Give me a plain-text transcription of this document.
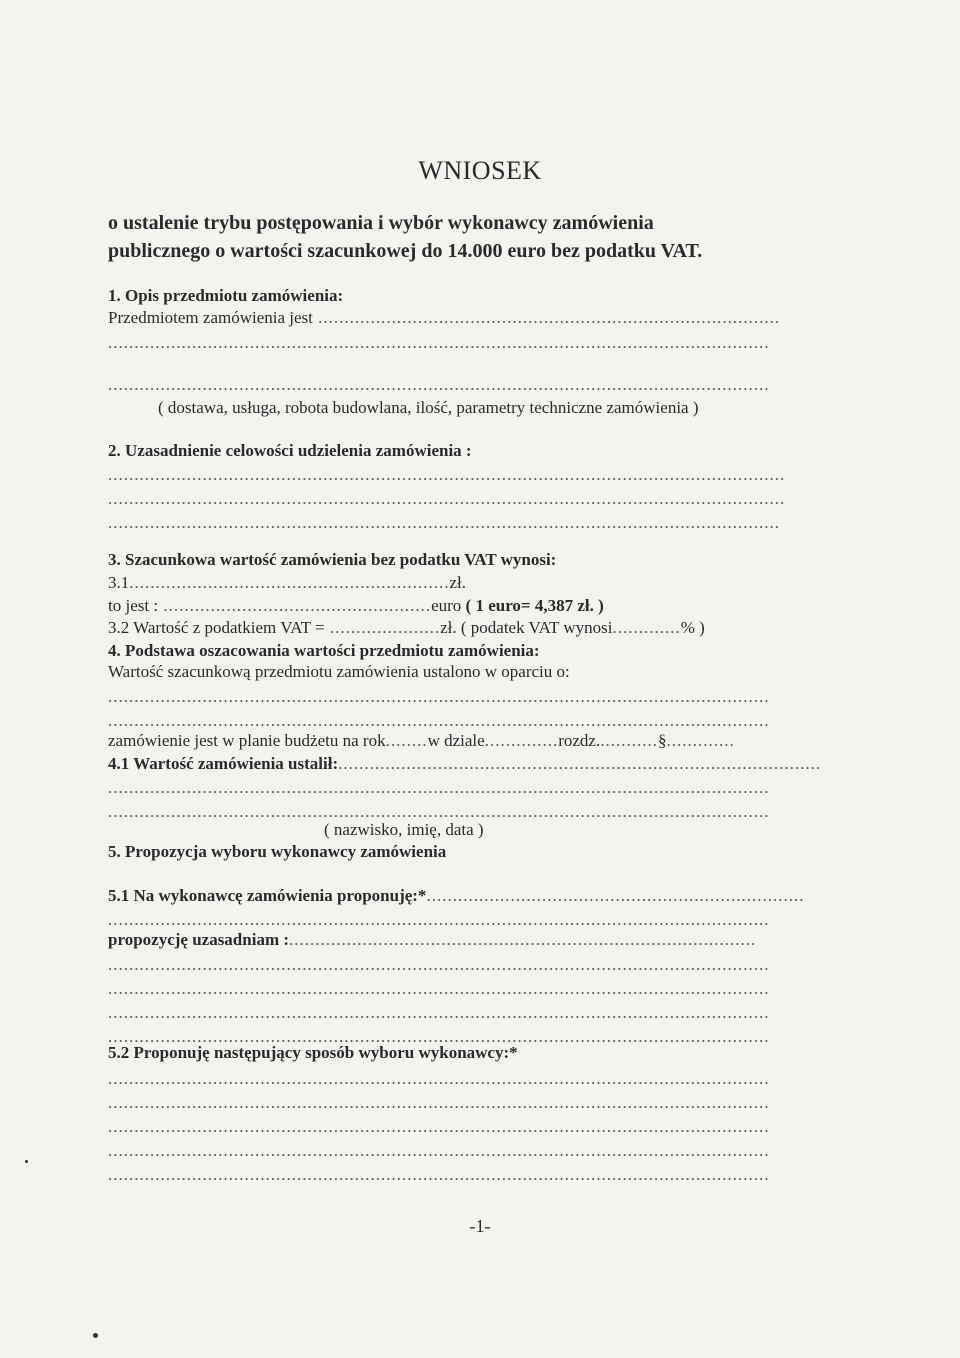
WNIOSEK
o ustalenie trybu postępowania i wybór wykonawcy zamówienia
publicznego o wartości szacunkowej do 14.000 euro bez podatku VAT.
1. Opis przedmiotu zamówienia:
Przedmiotem zamówienia jest ........................................................................................
..............................................................................................................................
..............................................................................................................................
( dostawa, usługa, robota budowlana, ilość, parametry techniczne zamówienia )
2. Uzasadnienie celowości udzielenia zamówienia :
.................................................................................................................................
.................................................................................................................................
................................................................................................................................
3. Szacunkowa wartość zamówienia bez podatku VAT wynosi:
3.1.............................................................zł.
to jest : ...................................................euro ( 1 euro= 4,387 zł. )
3.2 Wartość z podatkiem VAT = .....................zł. ( podatek VAT wynosi.............% )
4. Podstawa oszacowania wartości przedmiotu zamówienia:
Wartość szacunkową przedmiotu zamówienia ustalono w oparciu o:
..............................................................................................................................
..............................................................................................................................
zamówienie jest w planie budżetu na rok........w dziale..............rozdz............§.............
4.1 Wartość zamówienia ustalił:............................................................................................
..............................................................................................................................
..............................................................................................................................
( nazwisko, imię, data )
5. Propozycja wyboru wykonawcy zamówienia
5.1 Na wykonawcę zamówienia proponuję:*........................................................................
..............................................................................................................................
propozycję uzasadniam :.........................................................................................
..............................................................................................................................
..............................................................................................................................
..............................................................................................................................
..............................................................................................................................
5.2 Proponuję następujący sposób wyboru wykonawcy:*
..............................................................................................................................
..............................................................................................................................
..............................................................................................................................
..............................................................................................................................
..............................................................................................................................
-1-
